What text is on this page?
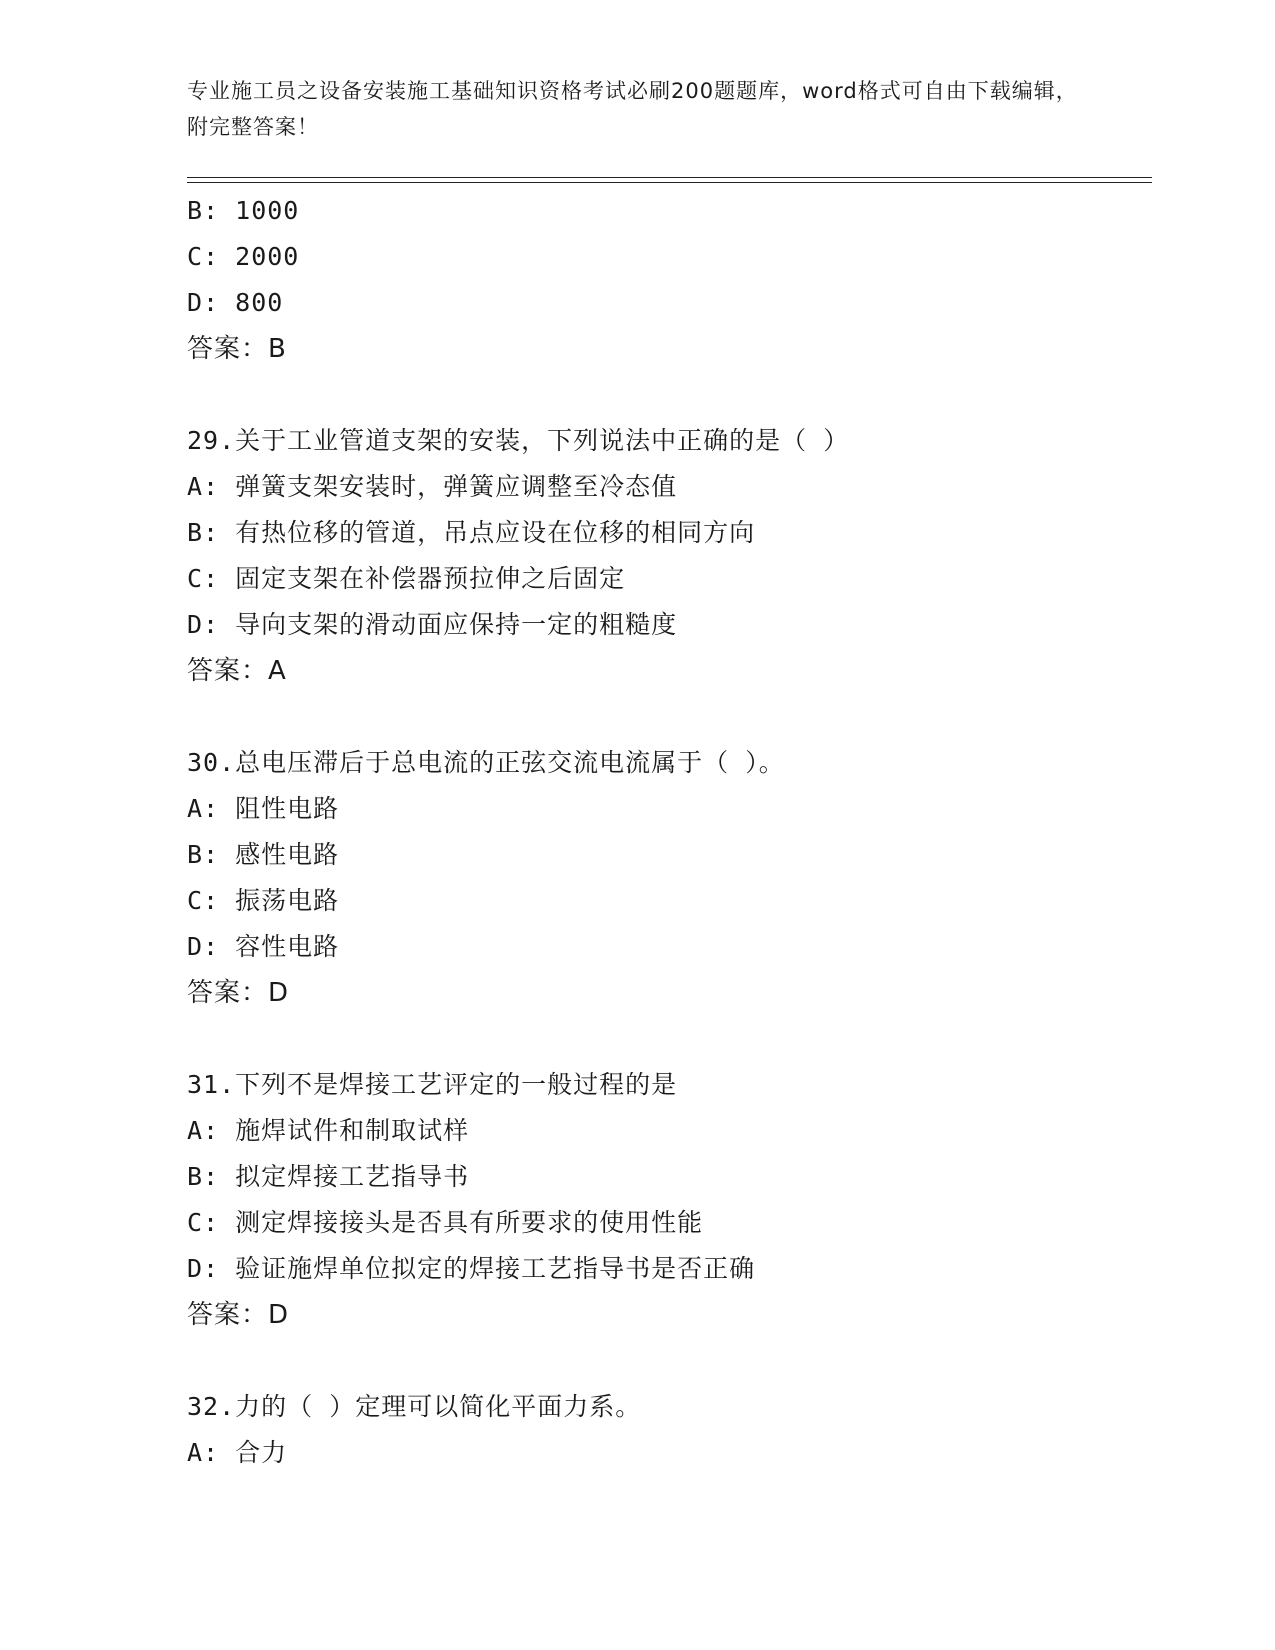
专业施工员之设备安装施工基础知识资格考试必刷200题题库，word格式可自由下载编辑，附完整答案！
B: 1000
C: 2000
D: 800
答案：B
29.关于工业管道支架的安装，下列说法中正确的是（ ）
A: 弹簧支架安装时，弹簧应调整至冷态值
B: 有热位移的管道，吊点应设在位移的相同方向
C: 固定支架在补偿器预拉伸之后固定
D: 导向支架的滑动面应保持一定的粗糙度
答案：A
30.总电压滞后于总电流的正弦交流电流属于（ ）。
A: 阻性电路
B: 感性电路
C: 振荡电路
D: 容性电路
答案：D
31.下列不是焊接工艺评定的一般过程的是
A: 施焊试件和制取试样
B: 拟定焊接工艺指导书
C: 测定焊接接头是否具有所要求的使用性能
D: 验证施焊单位拟定的焊接工艺指导书是否正确
答案：D
32.力的（ ）定理可以简化平面力系。
A: 合力
